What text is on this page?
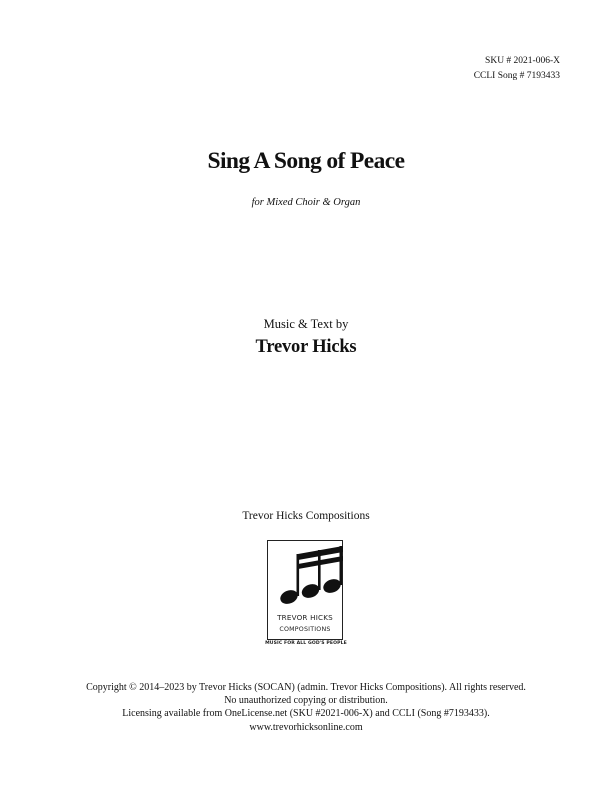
SKU # 2021-006-X
CCLI Song # 7193433
Sing A Song of Peace
for Mixed Choir & Organ
Music & Text by
Trevor Hicks
Trevor Hicks Compositions
TREVOR HICKS
COMPOSITIONS
MUSIC FOR ALL GOD'S PEOPLE
Copyright © 2014–2023 by Trevor Hicks (SOCAN) (admin. Trevor Hicks Compositions). All rights reserved.
No unauthorized copying or distribution.
Licensing available from OneLicense.net (SKU #2021-006-X) and CCLI (Song #7193433).
www.trevorhicksonline.com
